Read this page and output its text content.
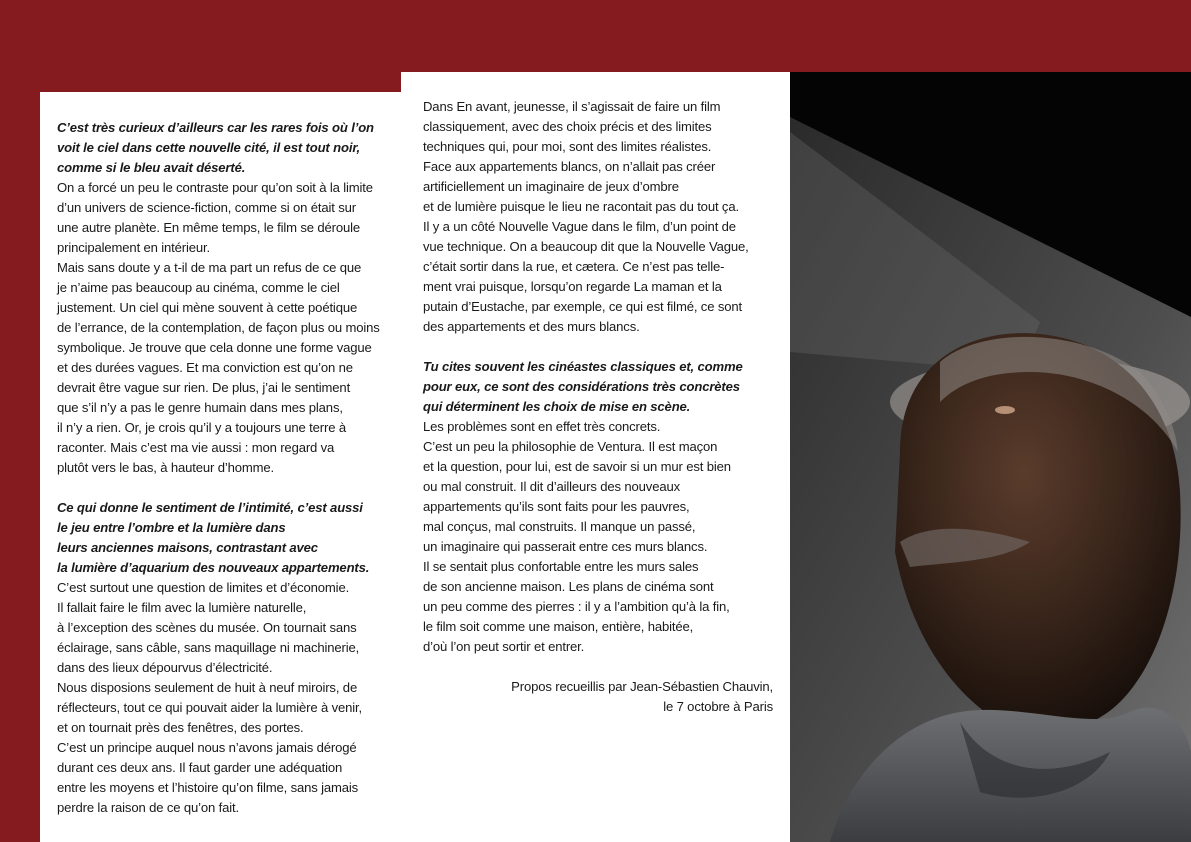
C’est très curieux d’ailleurs car les rares fois où l’on
voit le ciel dans cette nouvelle cité, il est tout noir,
comme si le bleu avait déserté.

On a forcé un peu le contraste pour qu’on soit à la limite
d’un univers de science-fiction, comme si on était sur
une autre planète. En même temps, le film se déroule
principalement en intérieur.
Mais sans doute y a t-il de ma part un refus de ce que
je n’aime pas beaucoup au cinéma, comme le ciel
justement. Un ciel qui mène souvent à cette poétique
de l’errance, de la contemplation, de façon plus ou moins
symbolique. Je trouve que cela donne une forme vague
et des durées vagues. Et ma conviction est qu’on ne
devrait être vague sur rien. De plus, j’ai le sentiment
que s’il n’y a pas le genre humain dans mes plans,
il n’y a rien. Or, je crois qu’il y a toujours une terre à
raconter. Mais c’est ma vie aussi : mon regard va
plutôt vers le bas, à hauteur d’homme.

Ce qui donne le sentiment de l’intimité, c’est aussi
le jeu entre l’ombre et la lumière dans
leurs anciennes maisons, contrastant avec
la lumière d’aquarium des nouveaux appartements.

C’est surtout une question de limites et d’économie.
Il fallait faire le film avec la lumière naturelle,
à l’exception des scènes du musée. On tournait sans
éclairage, sans câble, sans maquillage ni machinerie,
dans des lieux dépourvus d’électricité.
Nous disposions seulement de huit à neuf miroirs, de
réflecteurs, tout ce qui pouvait aider la lumière à venir,
et on tournait près des fenêtres, des portes.
C’est un principe auquel nous n’avons jamais dérogé
durant ces deux ans. Il faut garder une adéquation
entre les moyens et l’histoire qu’on filme, sans jamais
perdre la raison de ce qu’on fait.

Dans En avant, jeunesse, il s’agissait de faire un film
classiquement, avec des choix précis et des limites
techniques qui, pour moi, sont des limites réalistes.
Face aux appartements blancs, on n’allait pas créer
artificiellement un imaginaire de jeux d’ombre
et de lumière puisque le lieu ne racontait pas du tout ça.
Il y a un côté Nouvelle Vague dans le film, d’un point de
vue technique. On a beaucoup dit que la Nouvelle Vague,
c’était sortir dans la rue, et cætera. Ce n’est pas telle-
ment vrai puisque, lorsqu’on regarde La maman et la
putain d’Eustache, par exemple, ce qui est filmé, ce sont
des appartements et des murs blancs.

Tu cites souvent les cinéastes classiques et, comme
pour eux, ce sont des considérations très concrètes
qui déterminent les choix de mise en scène.

Les problèmes sont en effet très concrets.
C’est un peu la philosophie de Ventura. Il est maçon
et la question, pour lui, est de savoir si un mur est bien
ou mal construit. Il dit d’ailleurs des nouveaux
appartements qu’ils sont faits pour les pauvres,
mal conçus, mal construits. Il manque un passé,
un imaginaire qui passerait entre ces murs blancs.
Il se sentait plus confortable entre les murs sales
de son ancienne maison. Les plans de cinéma sont
un peu comme des pierres : il y a l’ambition qu’à la fin,
le film soit comme une maison, entière, habitée,
d’où l’on peut sortir et entrer.

Propos recueillis par Jean-Sébastien Chauvin,
le 7 octobre à Paris
